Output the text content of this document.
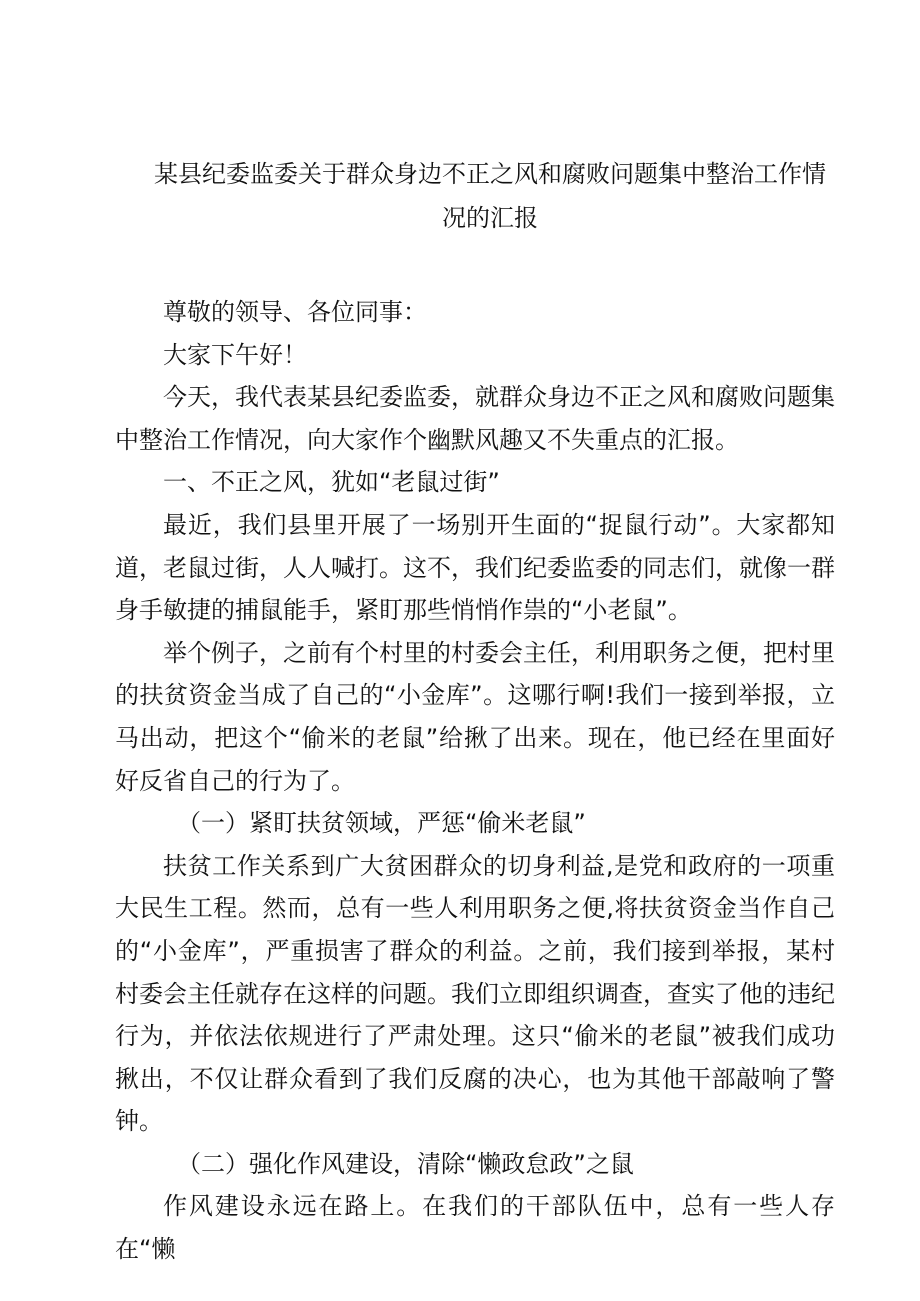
某县纪委监委关于群众身边不正之风和腐败问题集中整治工作情
况的汇报

尊敬的领导、各位同事：

大家下午好！

今天，我代表某县纪委监委，就群众身边不正之风和腐败问题集中整治工作情况，向大家作个幽默风趣又不失重点的汇报。

一、不正之风，犹如“老鼠过街”

最近，我们县里开展了一场别开生面的“捉鼠行动”。大家都知道，老鼠过街，人人喊打。这不，我们纪委监委的同志们，就像一群身手敏捷的捕鼠能手，紧盯那些悄悄作祟的“小老鼠”。

举个例子，之前有个村里的村委会主任，利用职务之便，把村里的扶贫资金当成了自己的“小金库”。这哪行啊!我们一接到举报，立马出动，把这个“偷米的老鼠”给揪了出来。现在，他已经在里面好好反省自己的行为了。

（一）紧盯扶贫领域，严惩“偷米老鼠”

扶贫工作关系到广大贫困群众的切身利益,是党和政府的一项重大民生工程。然而，总有一些人利用职务之便,将扶贫资金当作自己的“小金库”，严重损害了群众的利益。之前，我们接到举报，某村村委会主任就存在这样的问题。我们立即组织调查，查实了他的违纪行为，并依法依规进行了严肃处理。这只“偷米的老鼠”被我们成功揪出，不仅让群众看到了我们反腐的决心，也为其他干部敲响了警钟。

（二）强化作风建设，清除“懒政怠政”之鼠

作风建设永远在路上。在我们的干部队伍中，总有一些人存在“懒
